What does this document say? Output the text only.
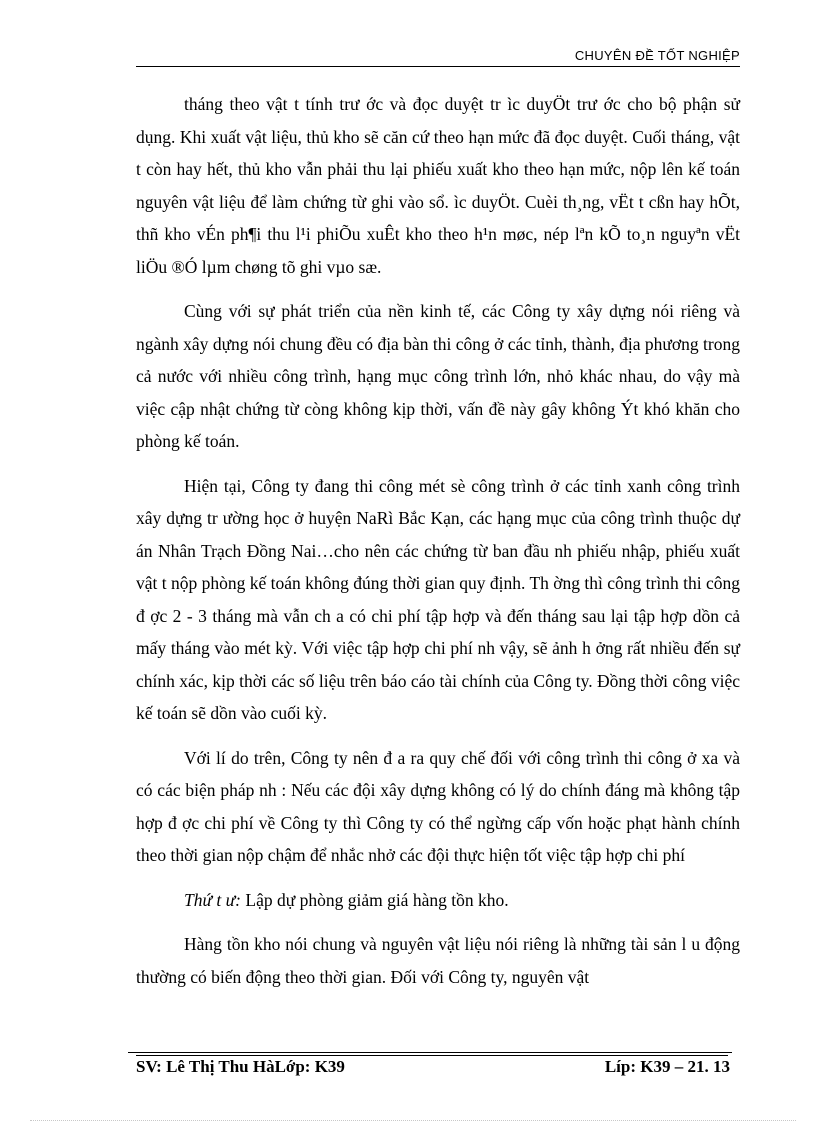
CHUYÊN ĐỀ TỐT NGHIỆP

tháng theo vật t tính trư ớc và đọc duyệt tr ìc duyÖt trư ớc cho bộ phận sử dụng. Khi xuất vật liệu, thủ kho sẽ căn cứ theo hạn mức đã đọc duyệt. Cuối tháng, vật t còn hay hết, thủ kho vẫn phải thu lại phiếu xuất kho theo hạn mức, nộp lên kế toán nguyên vật liệu để làm chứng từ ghi vào sổ. ìc duyÖt. Cuèi th¸ng, vËt t cßn hay hÕt, thñ kho vÉn ph¶i thu l¹i phiÕu xuÊt kho theo h¹n møc, nép lªn kÕ to¸n nguyªn vËt liÖu ®Ó lµm chøng tõ ghi vµo sæ.

Cùng với sự phát triển của nền kinh tế, các Công ty xây dựng nói riêng và ngành xây dựng nói chung đều có địa bàn thi công ở các tỉnh, thành, địa phương trong cả nước với nhiều công trình, hạng mục công trình lớn, nhỏ khác nhau, do vậy mà việc cập nhật chứng từ còng không kịp thời, vấn đề này gây không Ýt khó khăn cho phòng kế toán.

Hiện tại, Công ty đang thi công mét sè công trình ở các tỉnh xanh công trình xây dựng tr ường học ở huyện NaRì Bắc Kạn, các hạng mục của công trình thuộc dự án Nhân Trạch Đồng Nai…cho nên các chứng từ ban đầu nh phiếu nhập, phiếu xuất vật t nộp phòng kế toán không đúng thời gian quy định. Th ờng thì công trình thi công đ ợc 2 - 3 tháng mà vẫn ch a có chi phí tập hợp và đến tháng sau lại tập hợp dồn cả mấy tháng vào mét kỳ. Với việc tập hợp chi phí nh vậy, sẽ ảnh h ởng rất nhiều đến sự chính xác, kịp thời các số liệu trên báo cáo tài chính của Công ty. Đồng thời công việc kế toán sẽ dồn vào cuối kỳ.

Với lí do trên, Công ty nên đ a ra quy chế đối với công trình thi công ở xa và có các biện pháp nh : Nếu các đội xây dựng không có lý do chính đáng mà không tập hợp đ ợc chi phí về Công ty thì Công ty có thể ngừng cấp vốn hoặc phạt hành chính theo thời gian nộp chậm để nhắc nhở các đội thực hiện tốt việc tập hợp chi phí

Thứ t ư: Lập dự phòng giảm giá hàng tồn kho.

Hàng tồn kho nói chung và nguyên vật liệu nói riêng là những tài sản l u động thường có biến động theo thời gian. Đối với Công ty, nguyên vật

SV: Lê Thị Thu HàLớp: K39	Líp: K39 – 21. 13
